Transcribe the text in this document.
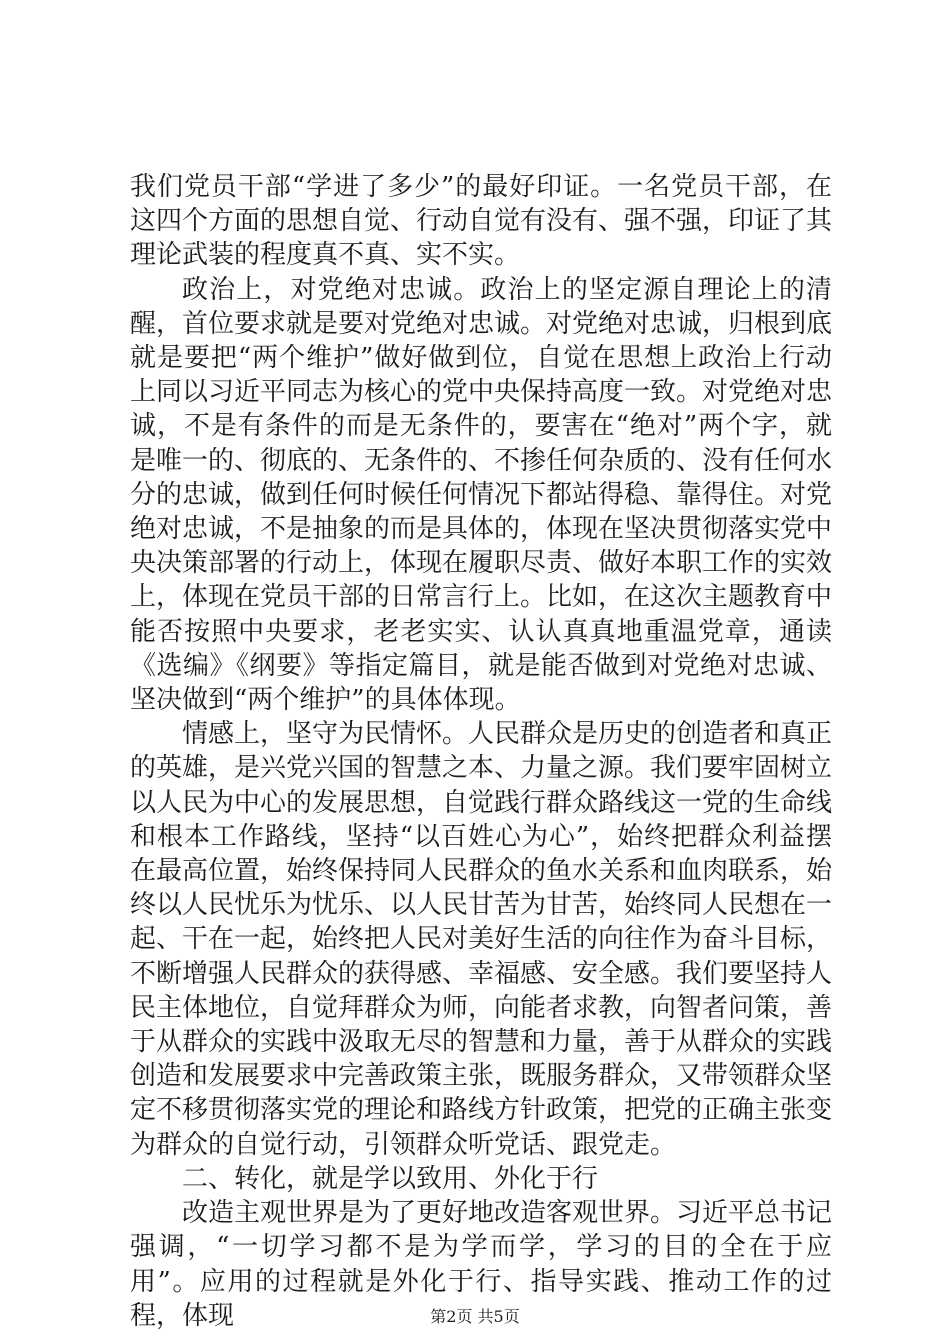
我们党员干部“学进了多少”的最好印证。一名党员干部，在这四个方面的思想自觉、行动自觉有没有、强不强，印证了其理论武装的程度真不真、实不实。

政治上，对党绝对忠诚。政治上的坚定源自理论上的清醒，首位要求就是要对党绝对忠诚。对党绝对忠诚，归根到底就是要把“两个维护”做好做到位，自觉在思想上政治上行动上同以习近平同志为核心的党中央保持高度一致。对党绝对忠诚，不是有条件的而是无条件的，要害在“绝对”两个字，就是唯一的、彻底的、无条件的、不掺任何杂质的、没有任何水分的忠诚，做到任何时候任何情况下都站得稳、靠得住。对党绝对忠诚，不是抽象的而是具体的，体现在坚决贯彻落实党中央决策部署的行动上，体现在履职尽责、做好本职工作的实效上，体现在党员干部的日常言行上。比如，在这次主题教育中能否按照中央要求，老老实实、认认真真地重温党章，通读《选编》《纲要》等指定篇目，就是能否做到对党绝对忠诚、坚决做到“两个维护”的具体体现。

情感上，坚守为民情怀。人民群众是历史的创造者和真正的英雄，是兴党兴国的智慧之本、力量之源。我们要牢固树立以人民为中心的发展思想，自觉践行群众路线这一党的生命线和根本工作路线，坚持“以百姓心为心”，始终把群众利益摆在最高位置，始终保持同人民群众的鱼水关系和血肉联系，始终以人民忧乐为忧乐、以人民甘苦为甘苦，始终同人民想在一起、干在一起，始终把人民对美好生活的向往作为奋斗目标，不断增强人民群众的获得感、幸福感、安全感。我们要坚持人民主体地位，自觉拜群众为师，向能者求教，向智者问策，善于从群众的实践中汲取无尽的智慧和力量，善于从群众的实践创造和发展要求中完善政策主张，既服务群众，又带领群众坚定不移贯彻落实党的理论和路线方针政策，把党的正确主张变为群众的自觉行动，引领群众听党话、跟党走。

二、转化，就是学以致用、外化于行

改造主观世界是为了更好地改造客观世界。习近平总书记强调，“一切学习都不是为学而学，学习的目的全在于应用”。应用的过程就是外化于行、指导实践、推动工作的过程，体现	第2页 共5页
